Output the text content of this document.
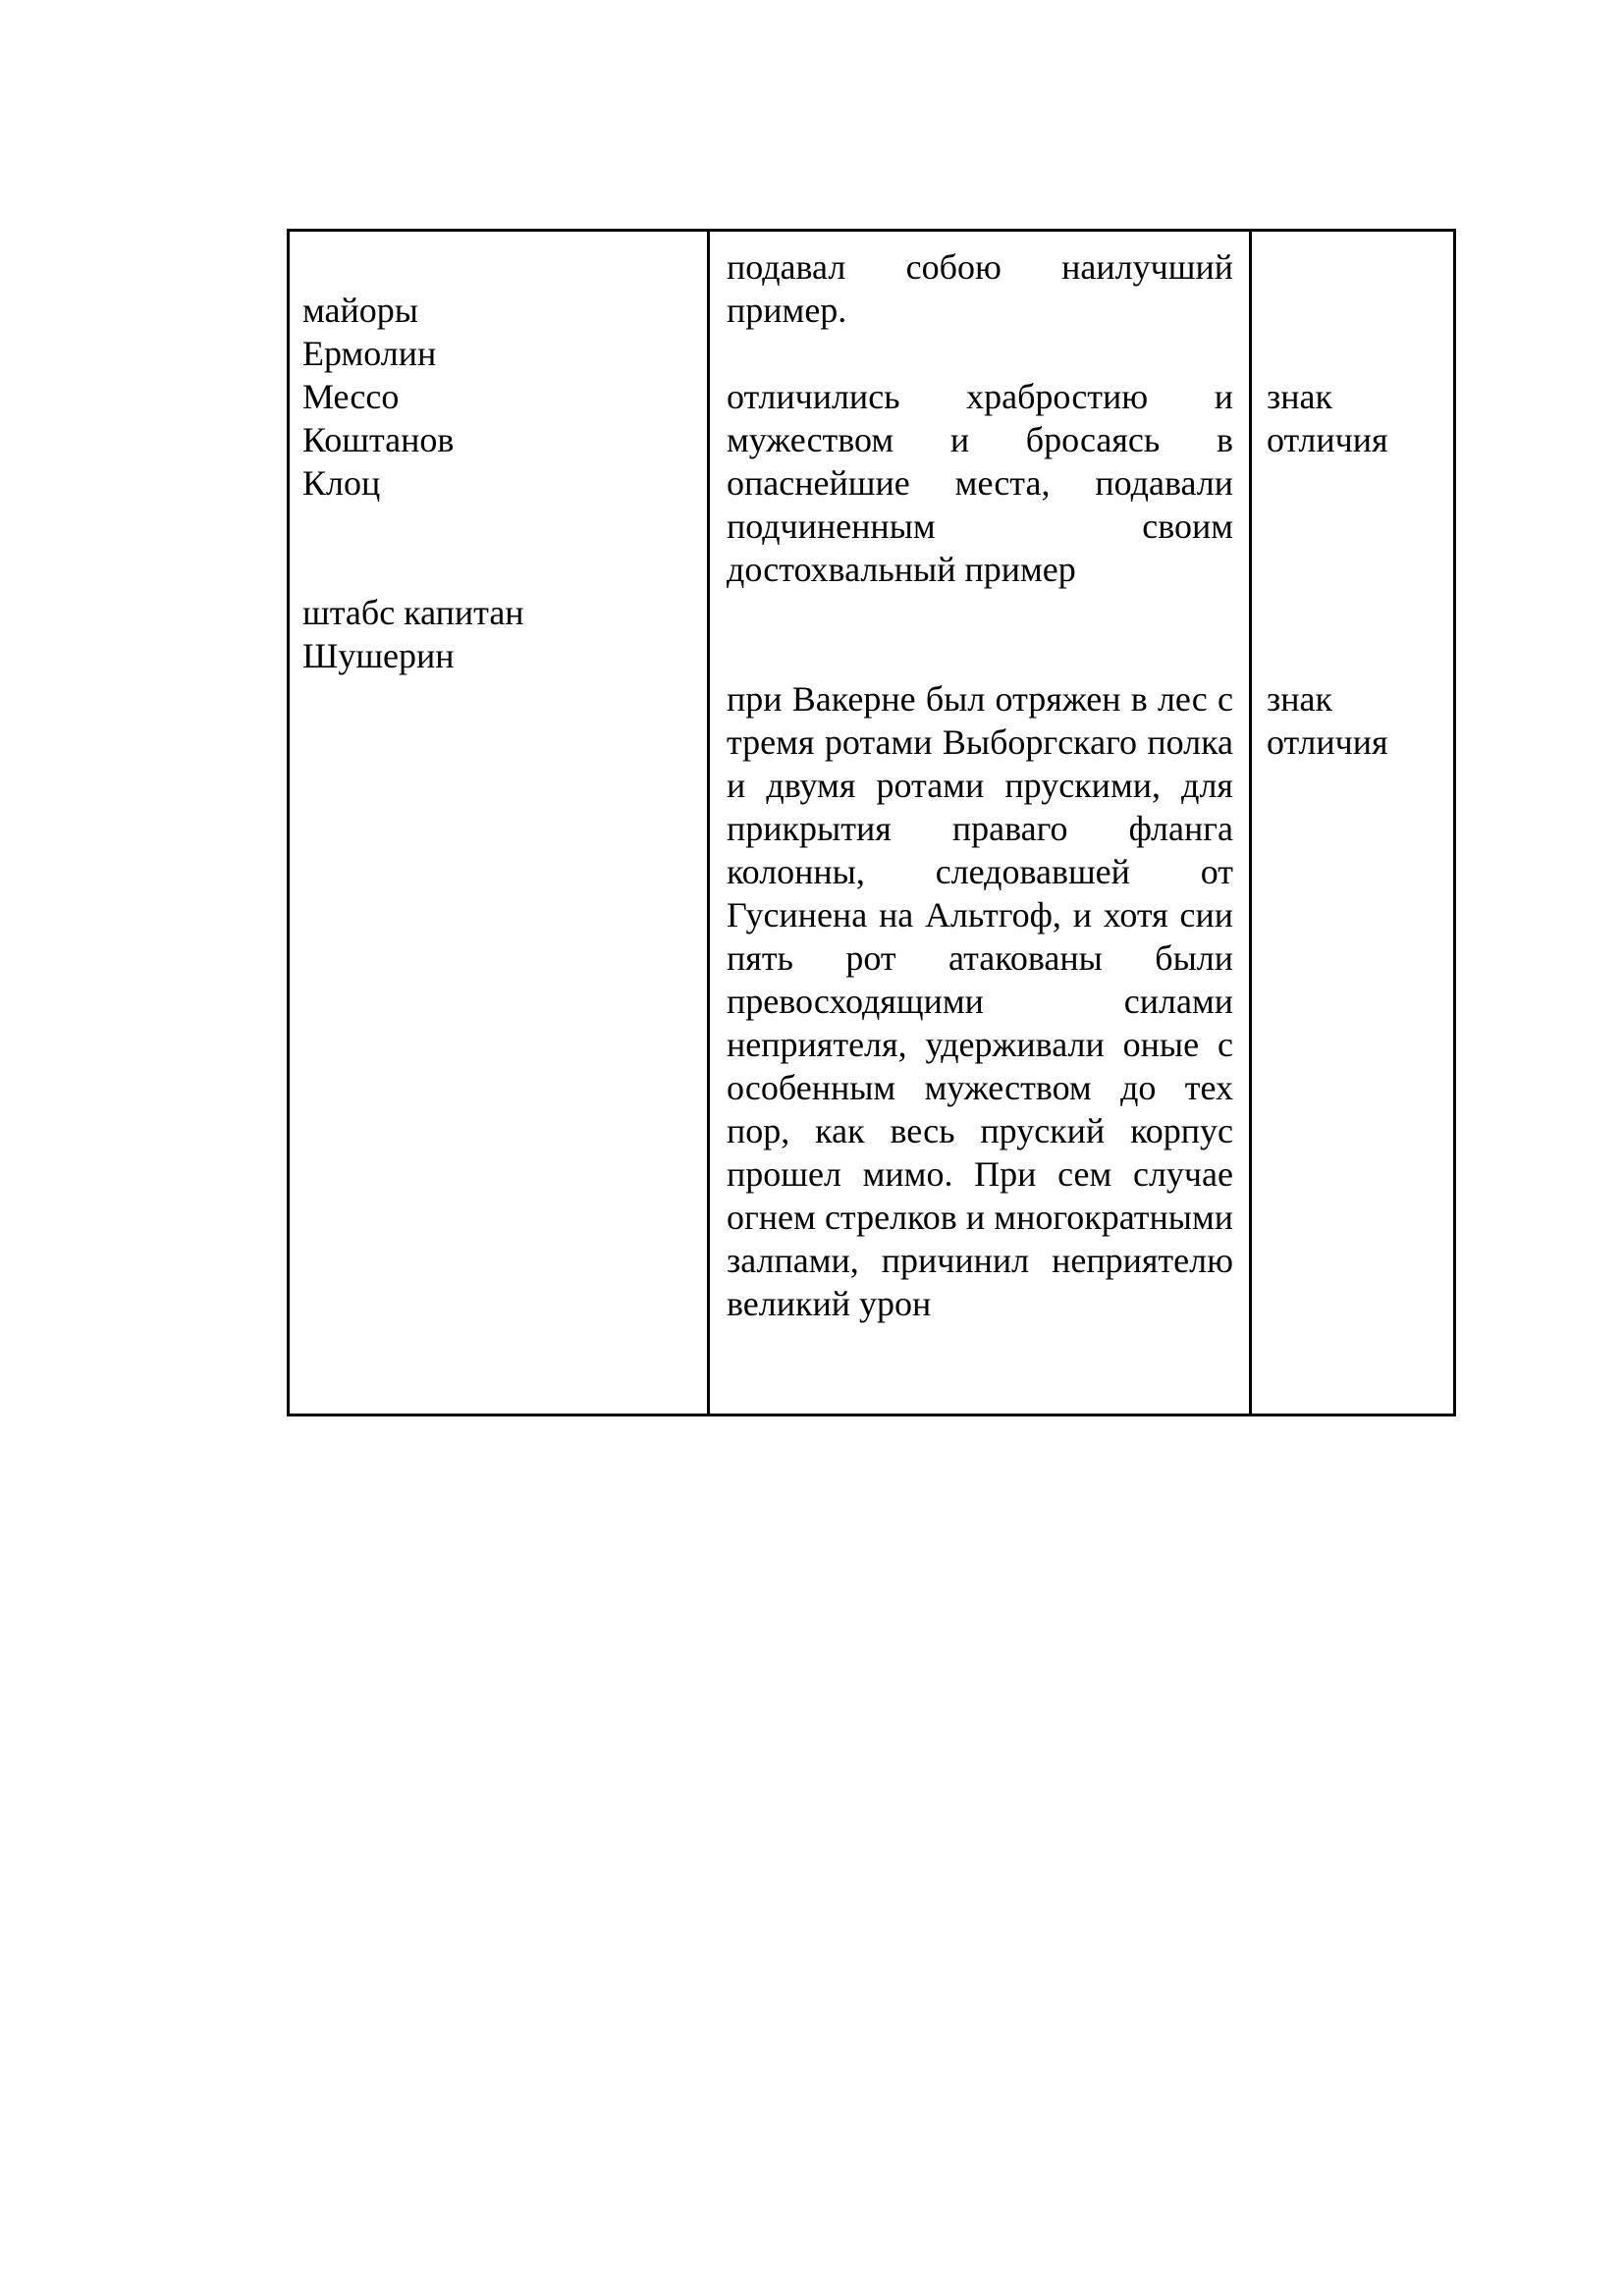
майоры
Ермолин
Мессо
Коштанов
Клоц
штабс капитан
Шушерин

подавал собою наилучший пример.

отличились храбростию и мужеством и бросаясь в опаснейшие места, подавали подчиненным своим достохвальный пример

при Вакерне был отряжен в лес с тремя ротами Выборгскаго полка и двумя ротами прускими, для прикрытия праваго фланга колонны, следовавшей от Гусинена на Альтгоф, и хотя сии пять рот атакованы были превосходящими силами неприятеля, удерживали оные с особенным мужеством до тех пор, как весь пруский корпус прошел мимо. При сем случае огнем стрелков и многократными залпами, причинил неприятелю великий урон

знак отличия
знак отличия
